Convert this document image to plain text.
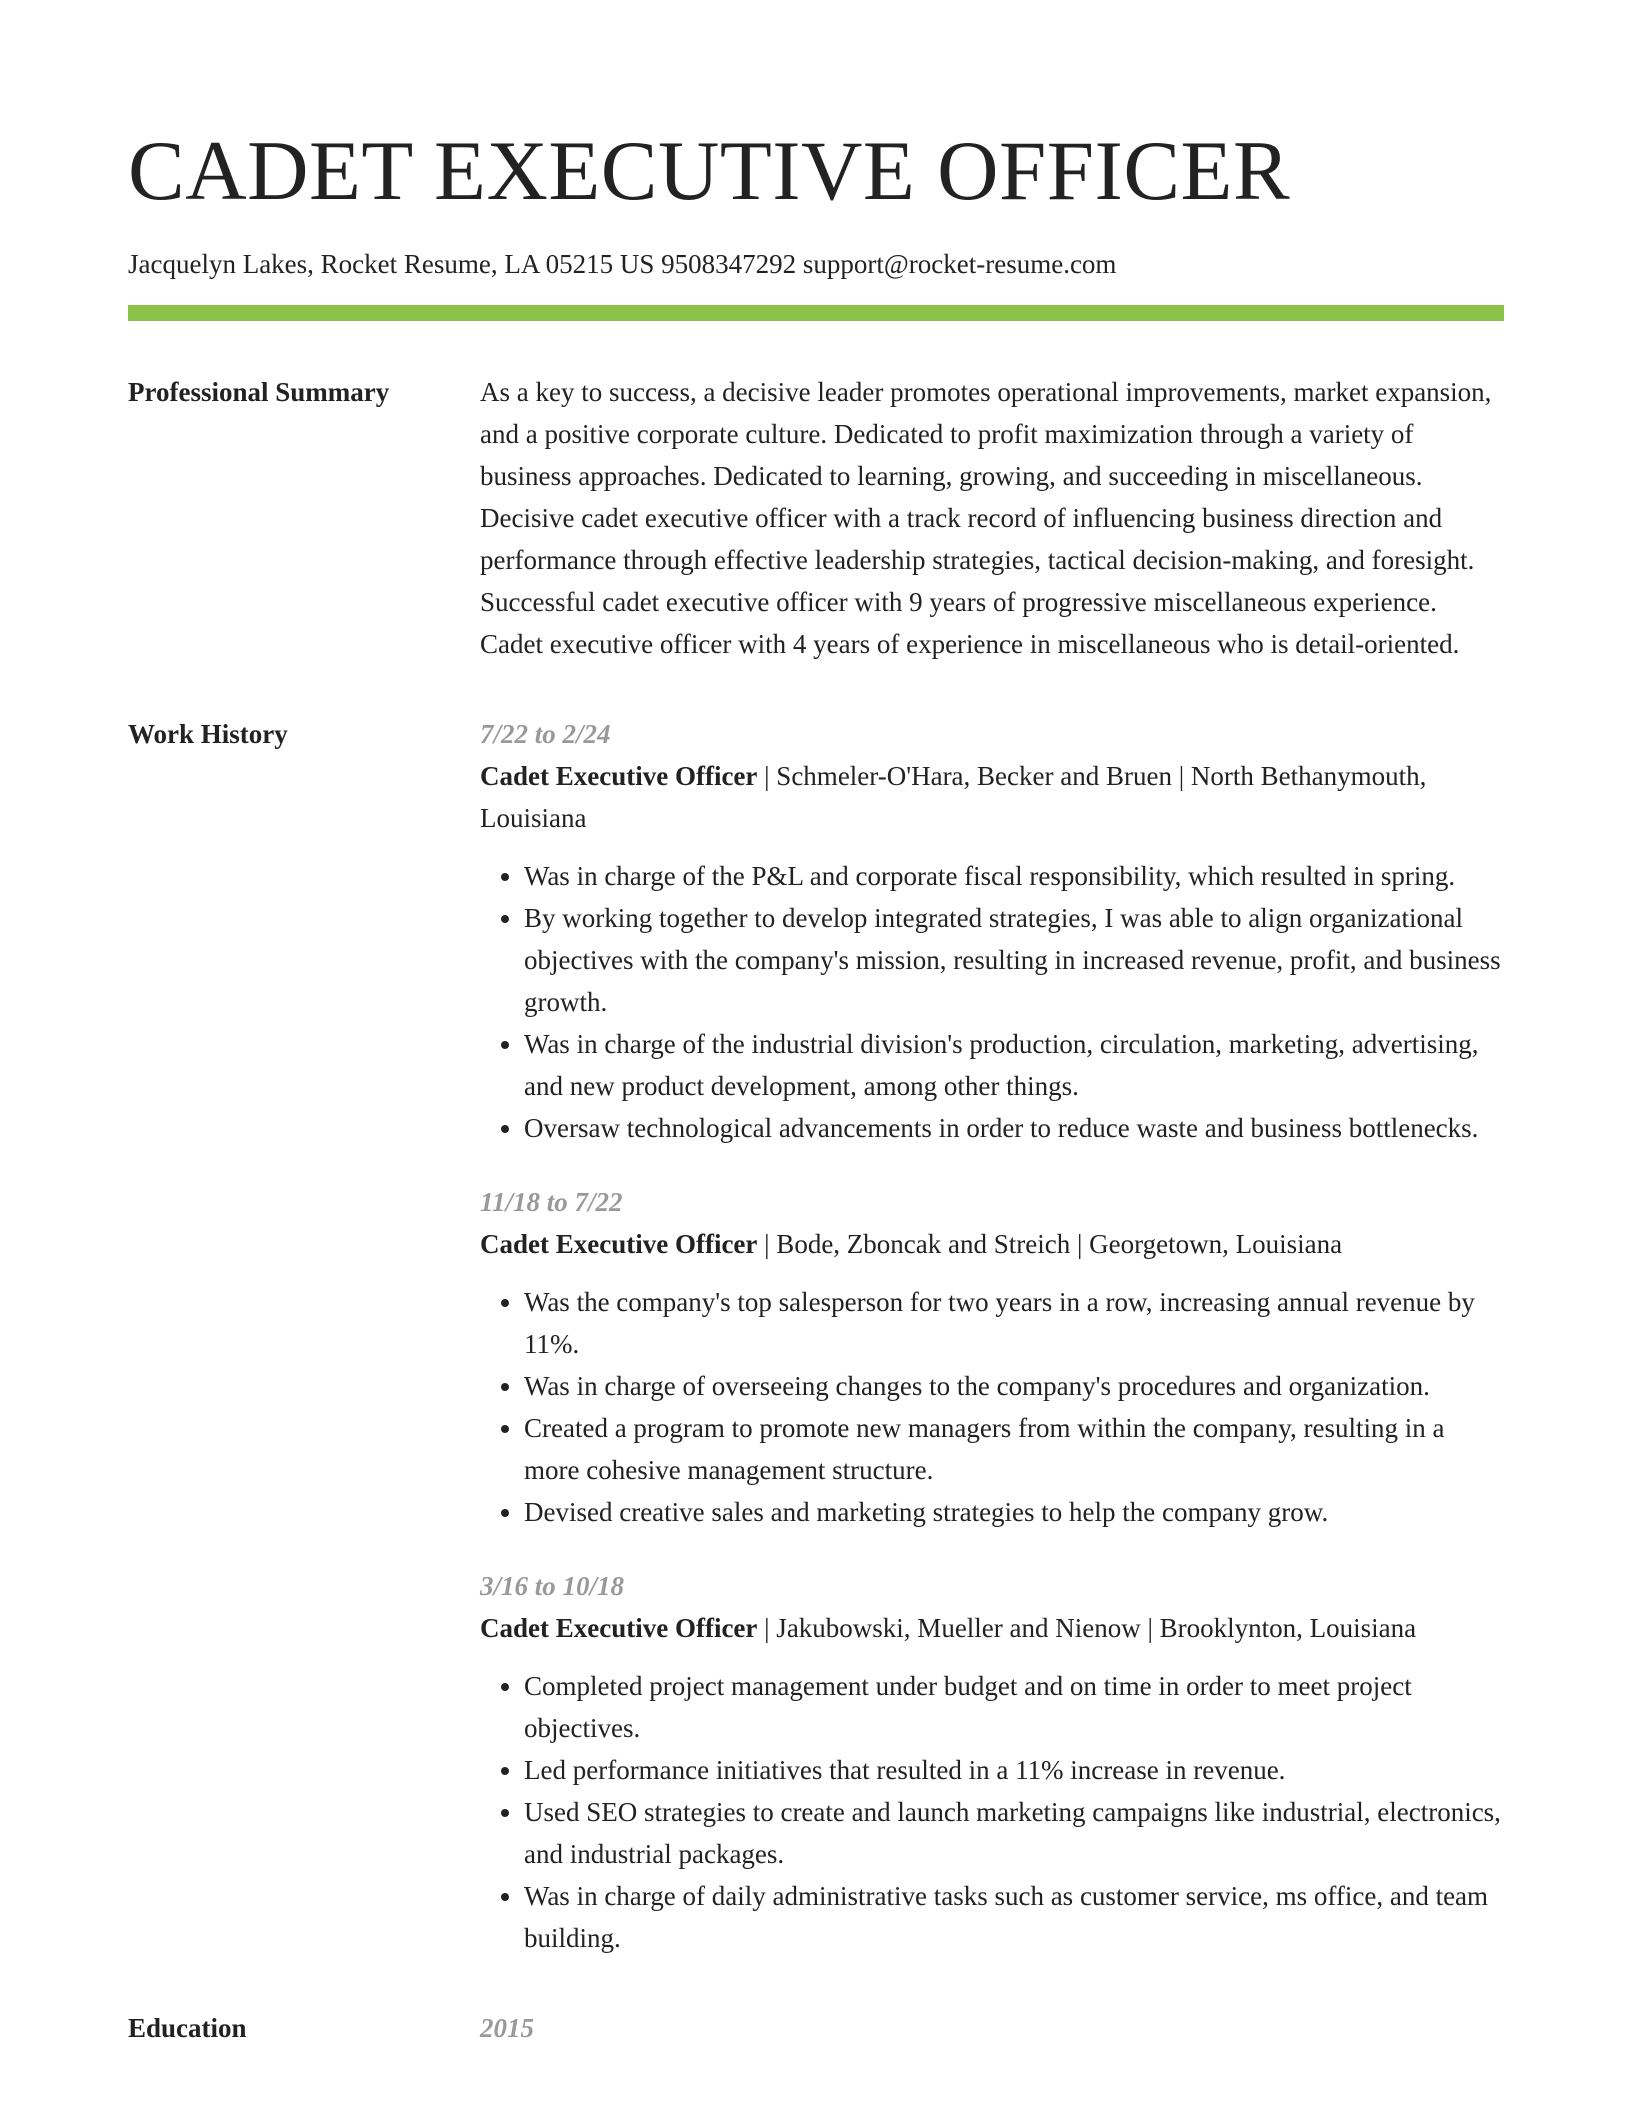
CADET EXECUTIVE OFFICER
Jacquelyn Lakes, Rocket Resume, LA 05215 US 9508347292 support@rocket-resume.com
Professional Summary	As a key to success, a decisive leader promotes operational improvements, market expansion, and a positive corporate culture. Dedicated to profit maximization through a variety of business approaches. Dedicated to learning, growing, and succeeding in miscellaneous. Decisive cadet executive officer with a track record of influencing business direction and performance through effective leadership strategies, tactical decision-making, and foresight. Successful cadet executive officer with 9 years of progressive miscellaneous experience. Cadet executive officer with 4 years of experience in miscellaneous who is detail-oriented.

Work History	7/22 to 2/24
Cadet Executive Officer | Schmeler-O'Hara, Becker and Bruen | North Bethanymouth, Louisiana
• Was in charge of the P&L and corporate fiscal responsibility, which resulted in spring.
• By working together to develop integrated strategies, I was able to align organizational objectives with the company's mission, resulting in increased revenue, profit, and business growth.
• Was in charge of the industrial division's production, circulation, marketing, advertising, and new product development, among other things.
• Oversaw technological advancements in order to reduce waste and business bottlenecks.
11/18 to 7/22
Cadet Executive Officer | Bode, Zboncak and Streich | Georgetown, Louisiana
• Was the company's top salesperson for two years in a row, increasing annual revenue by 11%.
• Was in charge of overseeing changes to the company's procedures and organization.
• Created a program to promote new managers from within the company, resulting in a more cohesive management structure.
• Devised creative sales and marketing strategies to help the company grow.
3/16 to 10/18
Cadet Executive Officer | Jakubowski, Mueller and Nienow | Brooklynton, Louisiana
• Completed project management under budget and on time in order to meet project objectives.
• Led performance initiatives that resulted in a 11% increase in revenue.
• Used SEO strategies to create and launch marketing campaigns like industrial, electronics, and industrial packages.
• Was in charge of daily administrative tasks such as customer service, ms office, and team building.
Education	2015
